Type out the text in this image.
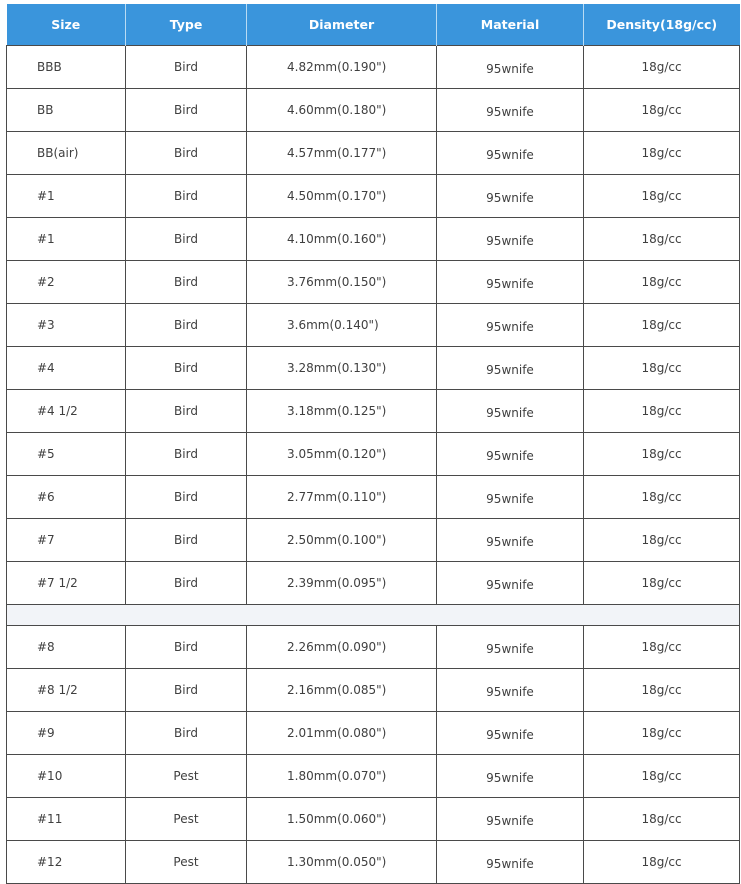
Size	Type	Diameter	Material	Density(18g/cc)
BBB	Bird	4.82mm(0.190")	95wnife	18g/cc
BB	Bird	4.60mm(0.180")	95wnife	18g/cc
BB(air)	Bird	4.57mm(0.177")	95wnife	18g/cc
#1	Bird	4.50mm(0.170")	95wnife	18g/cc
#1	Bird	4.10mm(0.160")	95wnife	18g/cc
#2	Bird	3.76mm(0.150")	95wnife	18g/cc
#3	Bird	3.6mm(0.140")	95wnife	18g/cc
#4	Bird	3.28mm(0.130")	95wnife	18g/cc
#4 1/2	Bird	3.18mm(0.125")	95wnife	18g/cc
#5	Bird	3.05mm(0.120")	95wnife	18g/cc
#6	Bird	2.77mm(0.110")	95wnife	18g/cc
#7	Bird	2.50mm(0.100")	95wnife	18g/cc
#7 1/2	Bird	2.39mm(0.095")	95wnife	18g/cc

#8	Bird	2.26mm(0.090")	95wnife	18g/cc
#8 1/2	Bird	2.16mm(0.085")	95wnife	18g/cc
#9	Bird	2.01mm(0.080")	95wnife	18g/cc
#10	Pest	1.80mm(0.070")	95wnife	18g/cc
#11	Pest	1.50mm(0.060")	95wnife	18g/cc
#12	Pest	1.30mm(0.050")	95wnife	18g/cc
